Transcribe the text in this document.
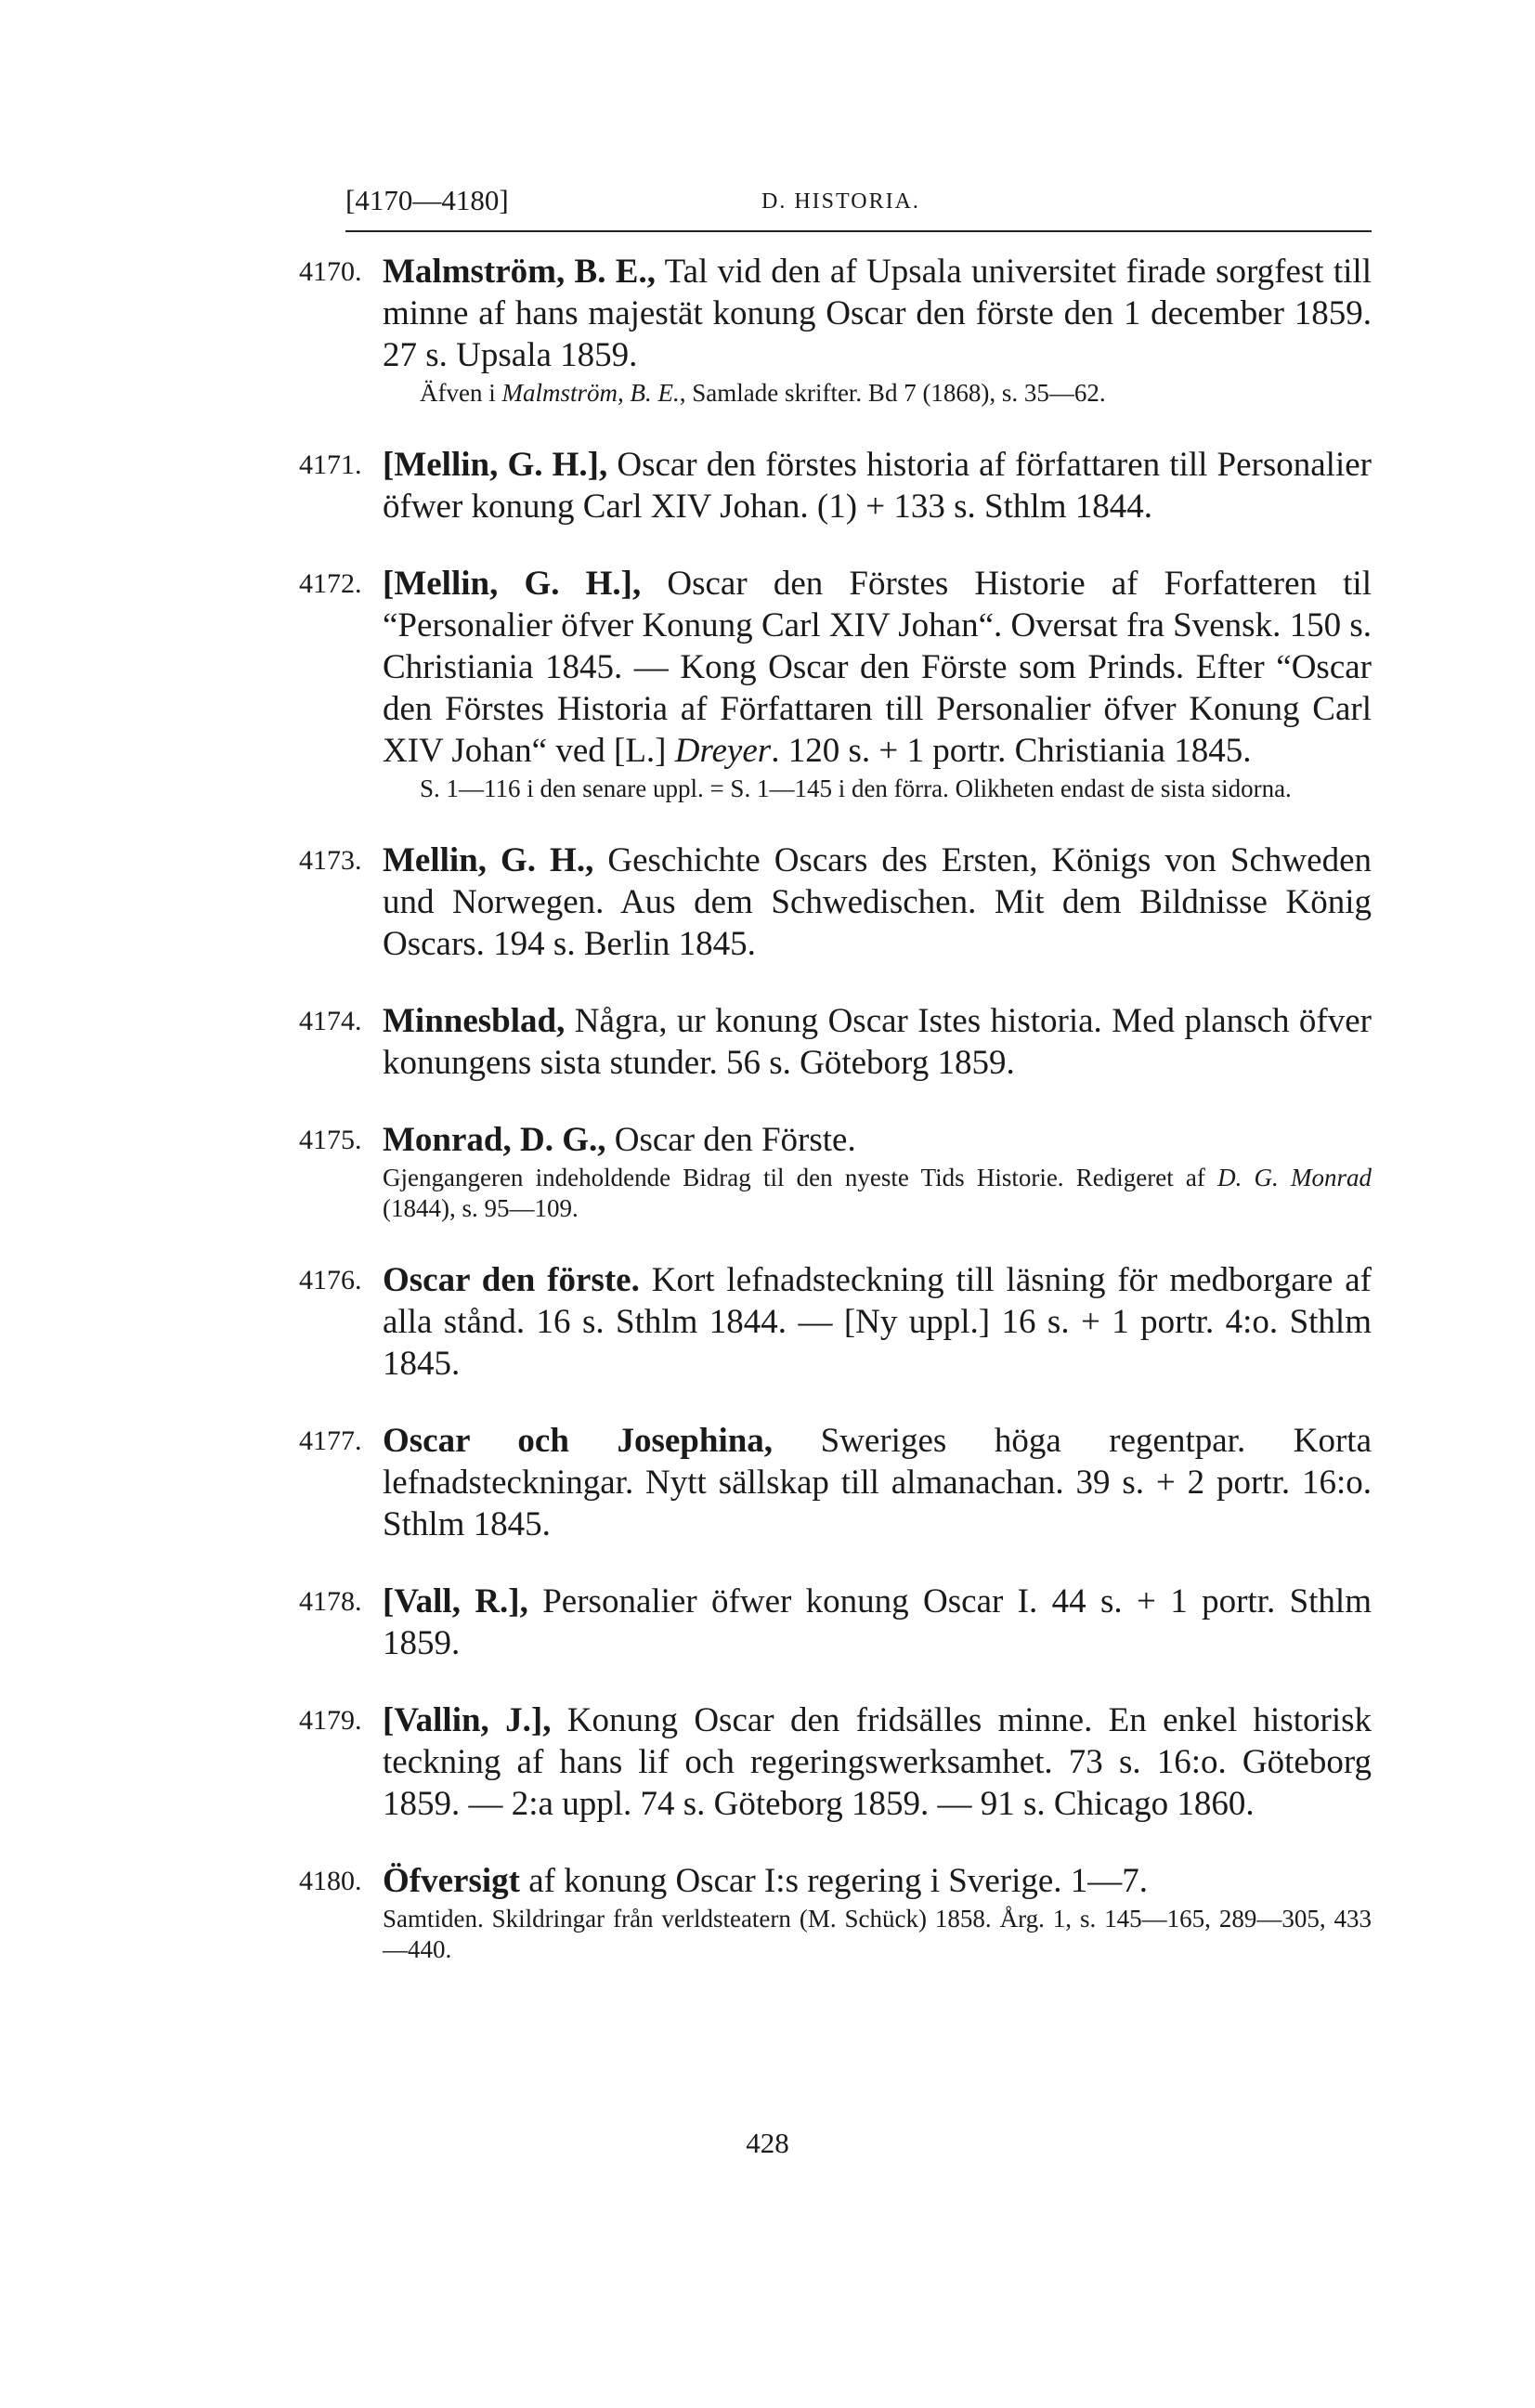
[4170—4180]	D. HISTORIA.
4170. Malmström, B. E., Tal vid den af Upsala universitet firade sorgfest till minne af hans majestät konung Oscar den förste den 1 december 1859. 27 s. Upsala 1859.
Äfven i Malmström, B. E., Samlade skrifter. Bd 7 (1868), s. 35—62.
4171. [Mellin, G. H.], Oscar den förstes historia af författaren till Personalier öfwer konung Carl XIV Johan. (1) + 133 s. Sthlm 1844.
4172. [Mellin, G. H.], Oscar den Förstes Historie af Forfatteren til “Personalier öfver Konung Carl XIV Johan“. Oversat fra Svensk. 150 s. Christiania 1845. — Kong Oscar den Förste som Prinds. Efter “Oscar den Förstes Historia af Författaren till Personalier öfver Konung Carl XIV Johan“ ved [L.] Dreyer. 120 s. + 1 portr. Christiania 1845.
S. 1—116 i den senare uppl. = S. 1—145 i den förra. Olikheten endast de sista sidorna.
4173. Mellin, G. H., Geschichte Oscars des Ersten, Königs von Schweden und Norwegen. Aus dem Schwedischen. Mit dem Bildnisse König Oscars. 194 s. Berlin 1845.
4174. Minnesblad, Några, ur konung Oscar Istes historia. Med plansch öfver konungens sista stunder. 56 s. Göteborg 1859.
4175. Monrad, D. G., Oscar den Förste.
Gjengangeren indeholdende Bidrag til den nyeste Tids Historie. Redigeret af D. G. Monrad (1844), s. 95—109.
4176. Oscar den förste. Kort lefnadsteckning till läsning för medborgare af alla stånd. 16 s. Sthlm 1844. — [Ny uppl.] 16 s. + 1 portr. 4:o. Sthlm 1845.
4177. Oscar och Josephina, Sweriges höga regentpar. Korta lefnadsteckningar. Nytt sällskap till almanachan. 39 s. + 2 portr. 16:o. Sthlm 1845.
4178. [Vall, R.], Personalier öfwer konung Oscar I. 44 s. + 1 portr. Sthlm 1859.
4179. [Vallin, J.], Konung Oscar den fridsälles minne. En enkel historisk teckning af hans lif och regeringswerksamhet. 73 s. 16:o. Göteborg 1859. — 2:a uppl. 74 s. Göteborg 1859. — 91 s. Chicago 1860.
4180. Öfversigt af konung Oscar I:s regering i Sverige. 1—7.
Samtiden. Skildringar från verldsteatern (M. Schück) 1858. Årg. 1, s. 145—165, 289—305, 433—440.
428
